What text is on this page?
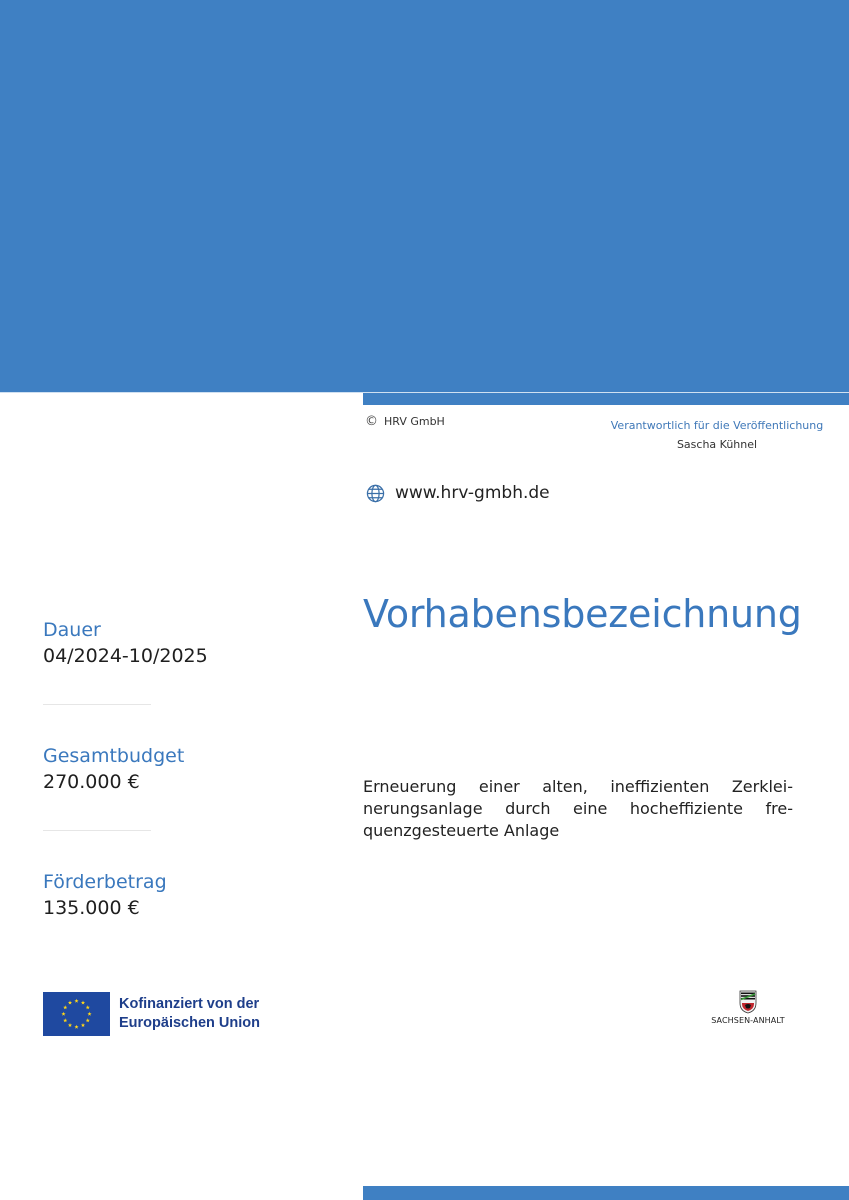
© HRV GmbH	Verantwortlich für die Veröffentlichung
Sascha Kühnel
www.hrv-gmbh.de
Vorhabensbezeichnung
Erneuerung einer alten, ineffizienten Zerkleinerungsanlage durch eine hocheffiziente frequenzgesteuerte Anlage
Dauer
04/2024-10/2025
Gesamtbudget
270.000 €
Förderbetrag
135.000 €
Kofinanziert von der
Europäischen Union	SACHSEN-ANHALT
